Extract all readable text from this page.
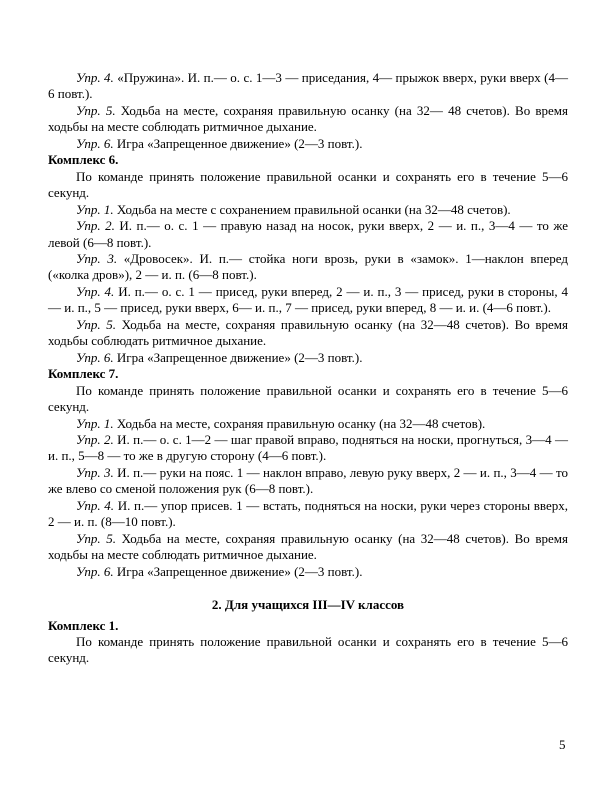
Упр. 4. «Пружина». И. п.— о. с. 1—3 — приседания, 4— прыжок вверх, руки вверх (4—6 повт.).

Упр. 5. Ходьба на месте, сохраняя правильную осанку (на 32— 48 счетов). Во время ходьбы на месте соблюдать ритмичное дыхание.

Упр. 6. Игра «Запрещенное движение» (2—3 повт.).

Комплекс 6.

По команде принять положение правильной осанки и сохранять его в течение 5—6 секунд.

Упр. 1. Ходьба на месте с сохранением правильной осанки (на 32—48 счетов).

Упр. 2. И. п.— о. с. 1 — правую назад на носок, руки вверх, 2 — и. п., 3—4 — то же левой (6—8 повт.).

Упр. 3. «Дровосек». И. п.— стойка ноги врозь, руки в «замок». 1—наклон вперед («колка дров»), 2 — и. п. (6—8 повт.).

Упр. 4. И. п.— о. с. 1 — присед, руки вперед, 2 — и. п., 3 — присед, руки в стороны, 4 — и. п., 5 — присед, руки вверх, 6— и. п., 7 — присед, руки вперед, 8 — и. и. (4—6 повт.).

Упр. 5. Ходьба на месте, сохраняя правильную осанку (на 32—48 счетов). Во время ходьбы соблюдать ритмичное дыхание.

Упр. 6. Игра «Запрещенное движение» (2—3 повт.).

Комплекс 7.

По команде принять положение правильной осанки и сохранять его в течение 5—6 секунд.

Упр. 1. Ходьба на месте, сохраняя правильную осанку (на 32—48 счетов).

Упр. 2. И. п.— о. с. 1—2 — шаг правой вправо, подняться на носки, прогнуться, 3—4 — и. п., 5—8 — то же в другую сторону (4—6 повт.).

Упр. 3. И. п.— руки на пояс. 1 — наклон вправо, левую руку вверх, 2 — и. п., 3—4 — то же влево со сменой положения рук (6—8 повт.).

Упр. 4. И. п.— упор присев. 1 — встать, подняться на носки, руки через стороны вверх, 2 — и. п. (8—10 повт.).

Упр. 5. Ходьба на месте, сохраняя правильную осанку (на 32—48 счетов). Во время ходьбы на месте соблюдать ритмичное дыхание.

Упр. 6. Игра «Запрещенное движение» (2—3 повт.).

2. Для учащихся III—IV классов

Комплекс 1.

По команде принять положение правильной осанки и сохранять его в течение 5—6 секунд.

5
